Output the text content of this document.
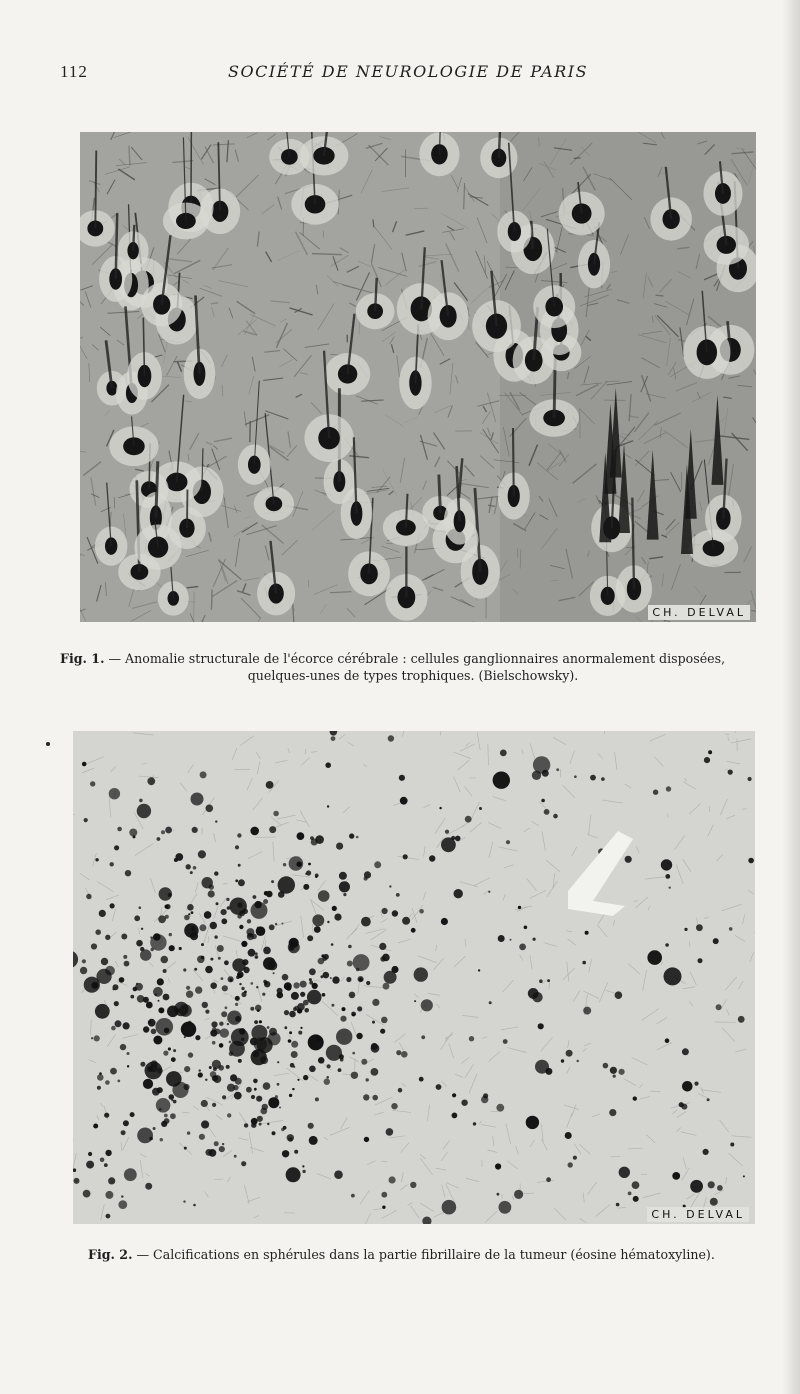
112	SOCIÉTÉ DE NEUROLOGIE DE PARIS
CH. DELVAL
Fig. 1. — Anomalie structurale de l'écorce cérébrale : cellules ganglionnaires anormalement disposées,
quelques-unes de types trophiques. (Bielschowsky).
CH. DELVAL
Fig. 2. — Calcifications en sphérules dans la partie fibrillaire de la tumeur (éosine hématoxyline).
